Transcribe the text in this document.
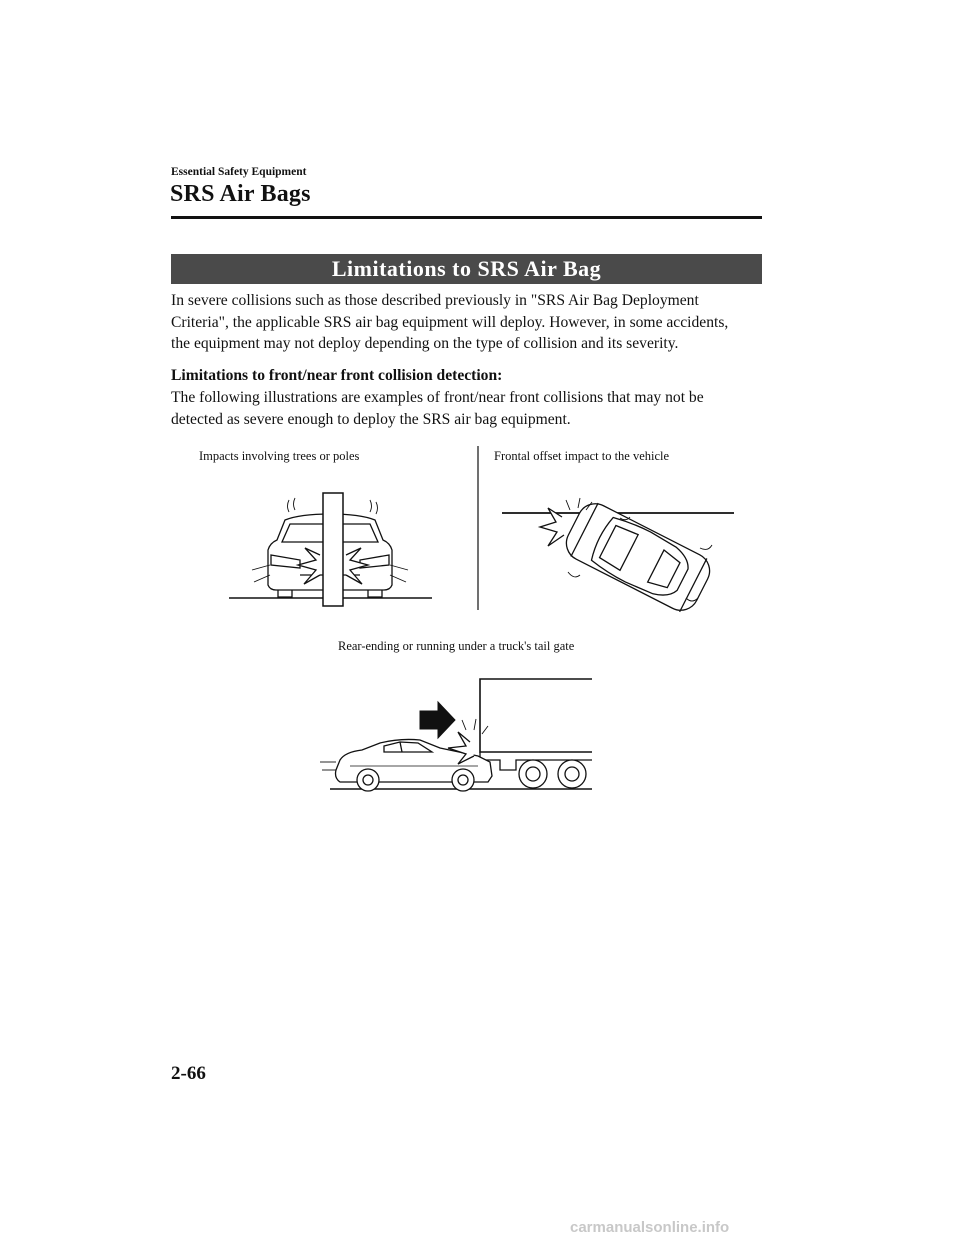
Essential Safety Equipment
SRS Air Bags
Limitations to SRS Air Bag
In severe collisions such as those described previously in "SRS Air Bag Deployment
Criteria", the applicable SRS air bag equipment will deploy. However, in some accidents,
the equipment may not deploy depending on the type of collision and its severity.
Limitations to front/near front collision detection:
The following illustrations are examples of front/near front collisions that may not be
detected as severe enough to deploy the SRS air bag equipment.
Impacts involving trees or poles	Frontal offset impact to the vehicle
Rear-ending or running under a truck's tail gate
2-66
carmanualsonline.info
